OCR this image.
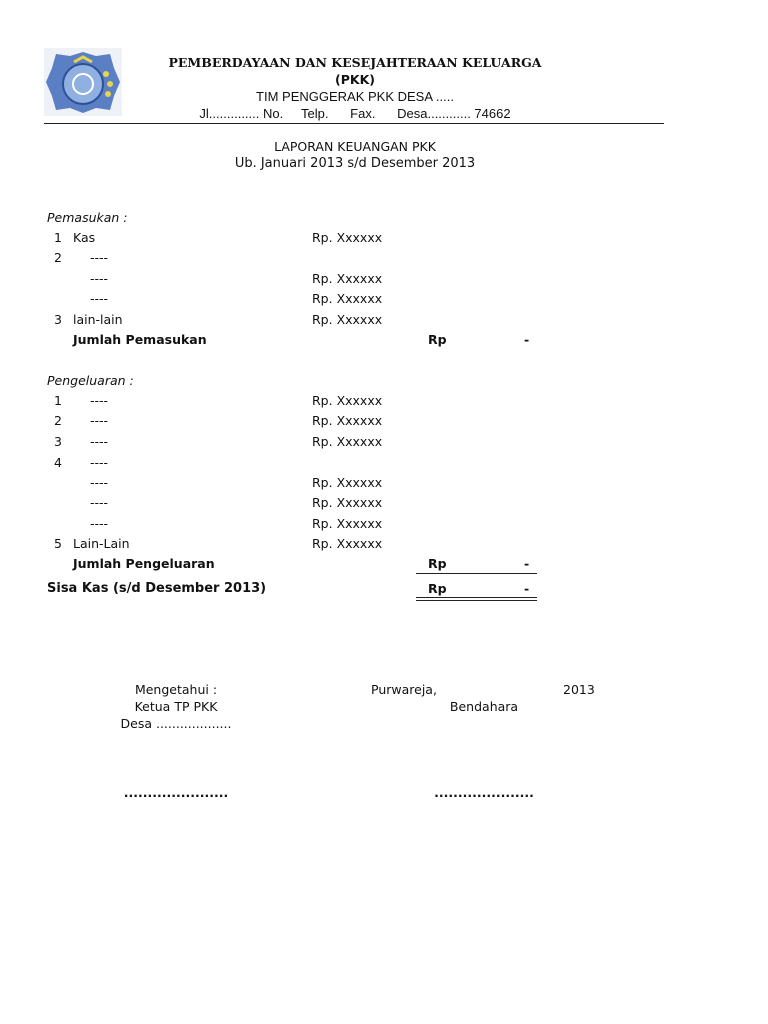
PEMBERDAYAAN DAN KESEJAHTERAAN KELUARGA
(PKK)
TIM PENGGERAK PKK DESA .....
Jl.............. No.     Telp.      Fax.      Desa............ 74662
LAPORAN KEUANGAN PKK
Ub. Januari 2013 s/d Desember 2013
Pemasukan :
1 Kas	Rp. Xxxxxx
2 ----
----	Rp. Xxxxxx
----	Rp. Xxxxxx
3 lain-lain	Rp. Xxxxxx
Jumlah Pemasukan	Rp	-
Pengeluaran :
1 ----	Rp. Xxxxxx
2 ----	Rp. Xxxxxx
3 ----	Rp. Xxxxxx
4 ----
----	Rp. Xxxxxx
----	Rp. Xxxxxx
----	Rp. Xxxxxx
5 Lain-Lain	Rp. Xxxxxx
Jumlah Pengeluaran	Rp	-
Sisa Kas (s/d Desember 2013)	Rp	-
Mengetahui :	Purwareja,	2013
Ketua TP PKK	Bendahara
Desa ...................
......................	.....................
